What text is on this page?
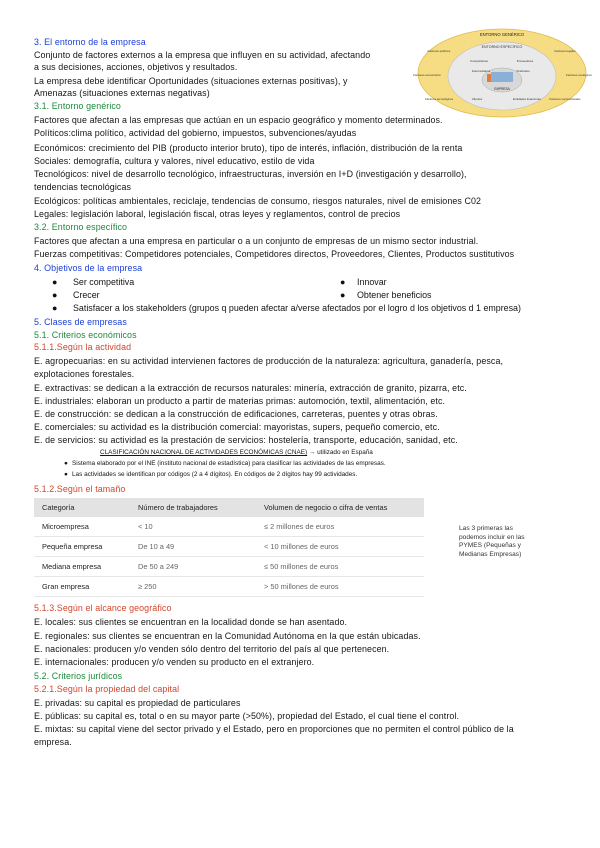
3. El entorno de la empresa
Conjunto de factores externos a la empresa que influyen en su actividad, afectando
a sus decisiones, acciones, objetivos y resultados.
La empresa debe identificar Oportunidades (situaciones externas positivas), y
Amenazas (situaciones externas negativas)
ENTORNO GENÉRICO
ENTORNO ESPECÍFICO
EMPRESA
Factores políticos	Factores legales
Factores económicos	Factores ecológicos
Factores tecnológicos	Factores socioculturales
Competidores	Proveedores
Clientes	Entidades financieras
Intermediarios	Sindicatos
3.1. Entorno genérico
Factores que afectan a las empresas que actúan en un espacio geográfico y momento determinados.
Políticos:clima político, actividad del gobierno, impuestos, subvenciones/ayudas
Económicos: crecimiento del PIB (producto interior bruto), tipo de interés, inflación, distribución de la renta
Sociales: demografía, cultura y valores, nivel educativo, estilo de vida
Tecnológicos: nivel de desarrollo tecnológico, infraestructuras, inversión en I+D (investigación y desarrollo),
tendencias tecnológicas
Ecológicos: políticas ambientales, reciclaje, tendencias de consumo, riesgos naturales, nivel de emisiones C02
Legales: legislación laboral, legislación fiscal, otras leyes y reglamentos, control de precios
3.2. Entorno específico
Factores que afectan a una empresa en particular o a un conjunto de empresas de un mismo sector industrial.
Fuerzas competitivas: Competidores potenciales, Competidores directos, Proveedores, Clientes, Productos sustitutivos
4. Objetivos de la empresa
● Ser competitiva	● Innovar
● Crecer	● Obtener beneficios
● Satisfacer a los stakeholders (grupos q pueden afectar a/verse afectados por el logro d los objetivos d 1 empresa)
5. Clases de empresas
5.1. Criterios económicos
5.1.1.Según la actividad
E. agropecuarias: en su actividad intervienen factores de producción de la naturaleza: agricultura, ganadería, pesca,
explotaciones forestales.
E. extractivas: se dedican a la extracción de recursos naturales: minería, extracción de granito, pizarra, etc.
E. industriales: elaboran un producto a partir de materias primas: automoción, textil, alimentación, etc.
E. de construcción: se dedican a la construcción de edificaciones, carreteras, puentes y otras obras.
E. comerciales: su actividad es la distribución comercial: mayoristas, supers, pequeño comercio, etc.
E. de servicios: su actividad es la prestación de servicios: hostelería, transporte, educación, sanidad, etc.
CLASIFICACIÓN NACIONAL DE ACTIVIDADES ECONÓMICAS (CNAE) → utilizado en España
● Sistema elaborado por el INE (instituto nacional de estadística) para clasificar las actividades de las empresas.
● Las actividades se identifican por códigos (2 a 4 dígitos). En códigos de 2 dígitos hay 99 actividades.
5.1.2.Según el tamaño
Categoría	Número de trabajadores	Volumen de negocio o cifra de ventas
Microempresa	< 10	≤ 2 millones de euros
Pequeña empresa	De 10 a 49	< 10 millones de euros
Mediana empresa	De 50 a 249	≤ 50 millones de euros
Gran empresa	≥ 250	> 50 millones de euros
Las 3 primeras las
podemos incluir en las
PYMES (Pequeñas y
Medianas Empresas)
5.1.3.Según el alcance geográfico
E. locales: sus clientes se encuentran en la localidad donde se han asentado.
E. regionales: sus clientes se encuentran en la Comunidad Autónoma en la que están ubicadas.
E. nacionales: producen y/o venden sólo dentro del territorio del país al que pertenecen.
E. internacionales: producen y/o venden su producto en el extranjero.
5.2. Criterios jurídicos
5.2.1.Según la propiedad del capital
E. privadas: su capital es propiedad de particulares
E. públicas: su capital es, total o en su mayor parte (>50%), propiedad del Estado, el cual tiene el control.
E. mixtas: su capital viene del sector privado y el Estado, pero en proporciones que no permiten el control público de la
empresa.
